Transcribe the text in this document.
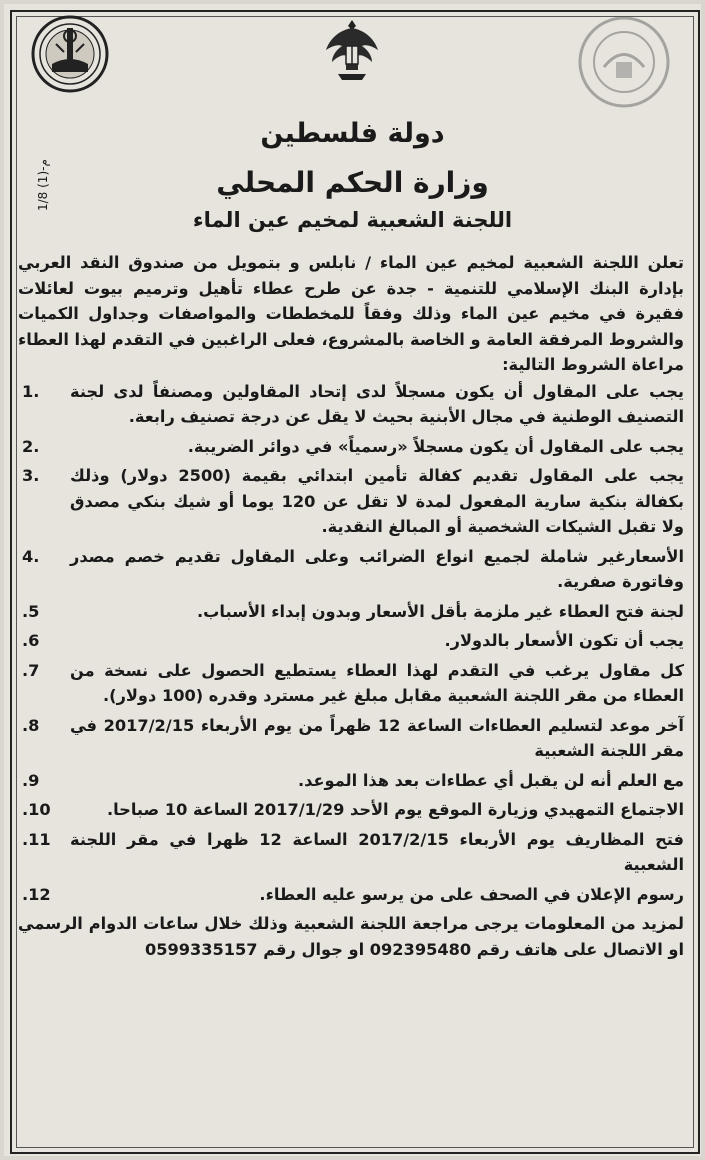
م-(1) 1/8
دولة فلسطين
وزارة الحكم المحلي
اللجنة الشعبية لمخيم عين الماء
تعلن اللجنة الشعبية لمخيم عين الماء / نابلس و بتمويل من صندوق النقد العربي بإدارة البنك الإسلامي للتنمية - جدة عن طرح عطاء تأهيل وترميم بيوت لعائلات فقيرة في مخيم عين الماء وذلك وفقاً للمخططات والمواصفات وجداول الكميات والشروط المرفقة العامة و الخاصة بالمشروع، فعلى الراغبين في التقدم لهذا العطاء مراعاة الشروط التالية:
1.	يجب على المقاول أن يكون مسجلاً لدى إتحاد المقاولين ومصنفاً لدى لجنة التصنيف الوطنية في مجال الأبنية بحيث لا يقل عن درجة تصنيف رابعة.
2.	يجب على المقاول أن يكون مسجلاً «رسمياً» في دوائر الضريبة.
3.	يجب على المقاول تقديم كفالة تأمين ابتدائي بقيمة (2500 دولار) وذلك بكفالة بنكية سارية المفعول لمدة لا تقل عن 120 يوما أو شيك بنكي مصدق ولا تقبل الشيكات الشخصية أو المبالغ النقدية.
4.	الأسعارغير شاملة لجميع انواع الضرائب وعلى المقاول تقديم خصم مصدر وفاتورة صفرية.
.5	لجنة فتح العطاء غير ملزمة بأقل الأسعار وبدون إبداء الأسباب.
.6	يجب أن تكون الأسعار بالدولار.
.7	كل مقاول يرغب في التقدم لهذا العطاء يستطيع الحصول على نسخة من العطاء من مقر اللجنة الشعبية مقابل مبلغ غير مسترد وقدره (100 دولار).
.8	آخر موعد لتسليم العطاءات الساعة 12 ظهراً من يوم الأربعاء 2017/2/15 في مقر اللجنة الشعبية
.9	مع العلم أنه لن يقبل أي عطاءات بعد هذا الموعد.
.10	الاجتماع التمهيدي وزيارة الموقع يوم الأحد 2017/1/29 الساعة 10 صباحا.
.11	فتح المظاريف يوم الأربعاء 2017/2/15 الساعة 12 ظهرا في مقر اللجنة الشعبية
.12	رسوم الإعلان في الصحف على من يرسو عليه العطاء.
لمزيد من المعلومات يرجى مراجعة اللجنة الشعبية وذلك خلال ساعات الدوام الرسمي او الاتصال على هاتف رقم 092395480 او جوال رقم 0599335157
